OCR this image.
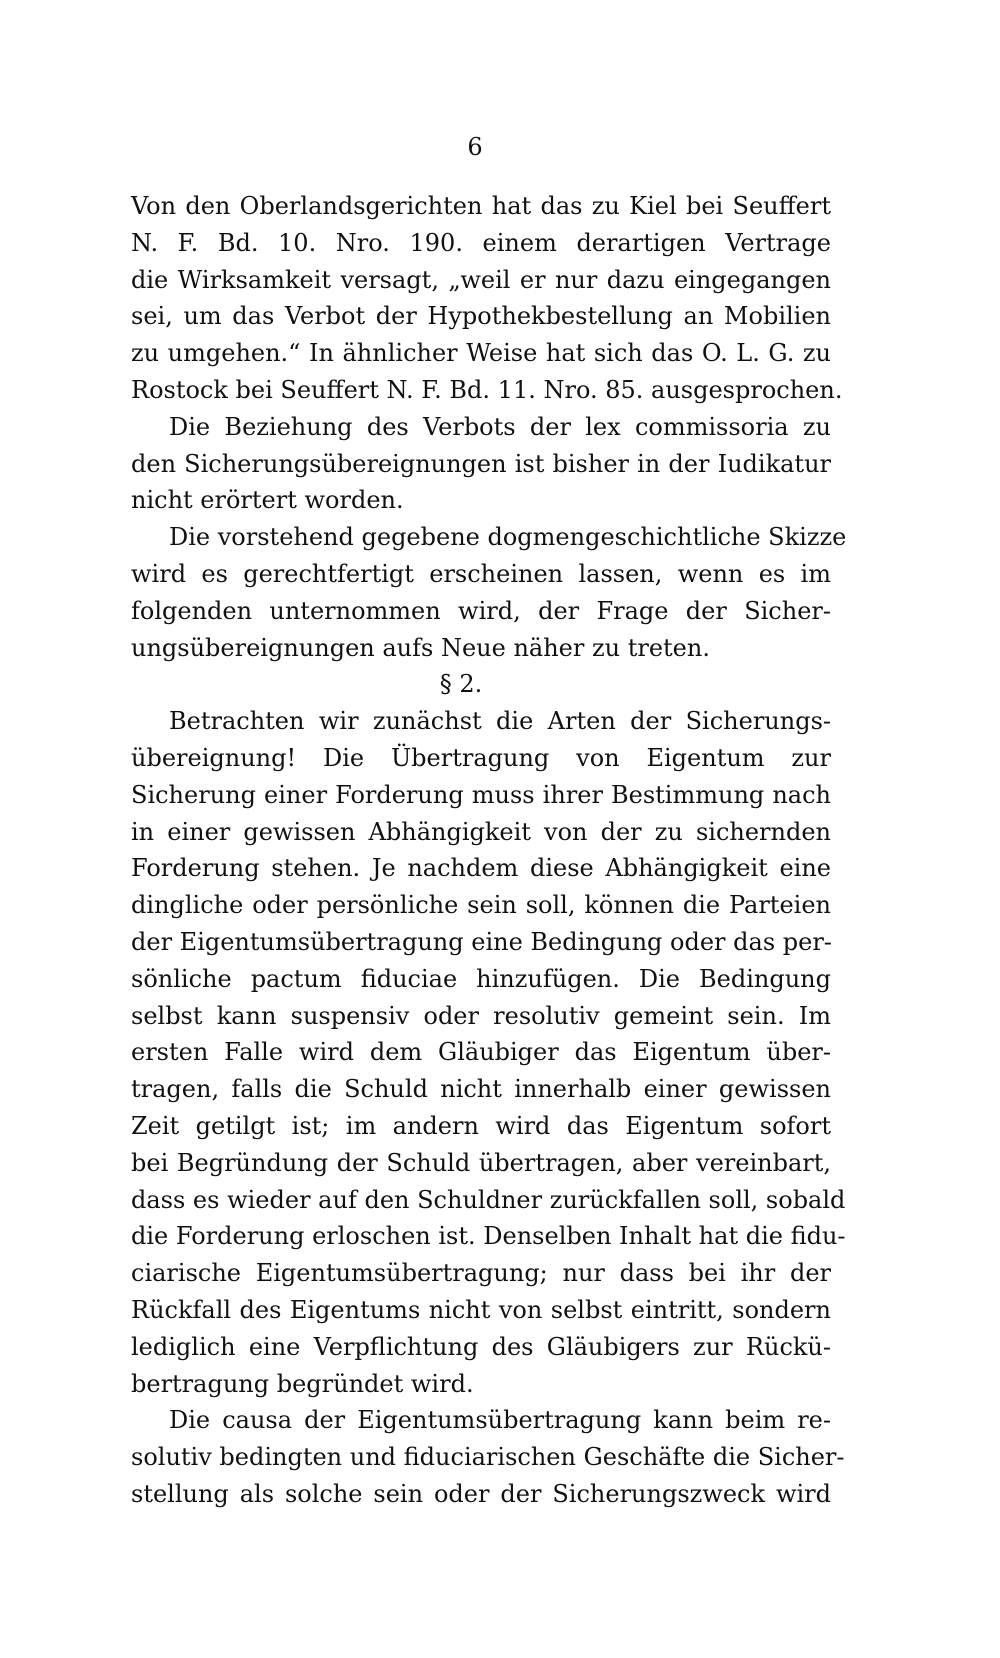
6
Von den Oberlandsgerichten hat das zu Kiel bei Seuffert
N. F. Bd. 10. Nro. 190. einem derartigen Vertrage
die Wirksamkeit versagt, „weil er nur dazu eingegangen
sei, um das Verbot der Hypothekbestellung an Mobilien
zu umgehen.“ In ähnlicher Weise hat sich das O. L. G. zu
Rostock bei Seuffert N. F. Bd. 11. Nro. 85. ausgesprochen.
Die Beziehung des Verbots der lex commissoria zu
den Sicherungsübereignungen ist bisher in der Iudikatur
nicht erörtert worden.
Die vorstehend gegebene dogmengeschichtliche Skizze
wird es gerechtfertigt erscheinen lassen, wenn es im
folgenden unternommen wird, der Frage der Sicher-
ungsübereignungen aufs Neue näher zu treten.
§ 2.
Betrachten wir zunächst die Arten der Sicherungs-
übereignung! Die Übertragung von Eigentum zur
Sicherung einer Forderung muss ihrer Bestimmung nach
in einer gewissen Abhängigkeit von der zu sichernden
Forderung stehen. Je nachdem diese Abhängigkeit eine
dingliche oder persönliche sein soll, können die Parteien
der Eigentumsübertragung eine Bedingung oder das per-
sönliche pactum fiduciae hinzufügen. Die Bedingung
selbst kann suspensiv oder resolutiv gemeint sein. Im
ersten Falle wird dem Gläubiger das Eigentum über-
tragen, falls die Schuld nicht innerhalb einer gewissen
Zeit getilgt ist; im andern wird das Eigentum sofort
bei Begründung der Schuld übertragen, aber vereinbart,
dass es wieder auf den Schuldner zurückfallen soll, sobald
die Forderung erloschen ist. Denselben Inhalt hat die fidu-
ciarische Eigentumsübertragung; nur dass bei ihr der
Rückfall des Eigentums nicht von selbst eintritt, sondern
lediglich eine Verpflichtung des Gläubigers zur Rückü-
bertragung begründet wird.
Die causa der Eigentumsübertragung kann beim re-
solutiv bedingten und fiduciarischen Geschäfte die Sicher-
stellung als solche sein oder der Sicherungszweck wird
